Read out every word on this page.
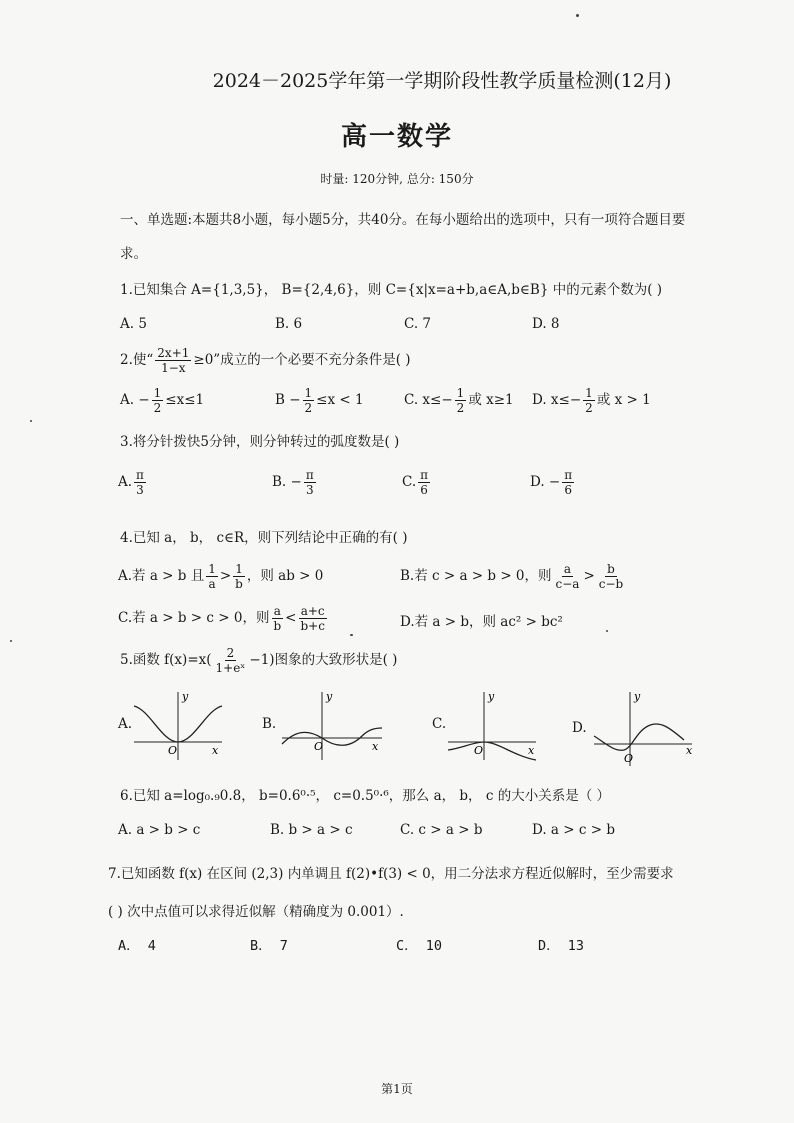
2024－2025学年第一学期阶段性教学质量检测(12月)
高一数学
时量: 120分钟, 总分: 150分
一、单选题:本题共8小题，每小题5分，共40分。在每小题给出的选项中，只有一项符合题目要
求。
1.已知集合 A={1,3,5}， B={2,4,6}，则 C={x|x=a+b,a∈A,b∈B} 中的元素个数为( )
A. 5	B. 6	C. 7	D. 8
2.使“ $\frac{2x+1}{1-x} \ge 0$”成立的一个必要不充分条件是( )
A. − $\frac{1}{2} \le x\le 1$	$B - \frac{1}{2} \le x < 1$	C. $x\le- \frac{1}{2}$ 或 x≥1 D. $x\le- \frac{1}{2}$ 或 x > 1
3.将分针拨快5分钟，则分钟转过的弧度数是( )
A. $\frac{\pi}{3}$	B. − $\frac{\pi}{3}$	C. $\frac{\pi}{6}$	D. − $\frac{\pi}{6}$
4.已知 a， b， c∈R，则下列结论中正确的有( )
A.若 a > b 且 $\frac{1}{a} > \frac{1}{b}$ ，则 ab > 0	B.若 c > a > b > 0，则 $\frac{a}{c-a} > \frac{b}{c-b}$
C.若 a > b > c > 0，则 $\frac{a}{b} < \frac{a+c}{b+c}$	D.若 a > b，则 ac² > bc²
5.函数 $f(x)=x( \frac{2}{\text{1+eˣ}} -1)$图象的大致形状是( )
A.
x
y
O
B.
x
y
O
C.
x
y
O
D.
x
y
O
6.已知 a=log₀.₉0.8， b=0.6⁰·⁵， c=0.5⁰·⁶，那么 a， b， c 的大小关系是（ ）
A. a > b > c	B. b > a > c	C. c > a > b	D. a > c > b
7.已知函数 f(x) 在区间 (2,3) 内单调且 f(2)•f(3) < 0，用二分法求方程近似解时，至少需要求
( ) 次中点值可以求得近似解（精确度为 0.001）.
A． 4	B． 7	C． 10	D． 13
第1页
